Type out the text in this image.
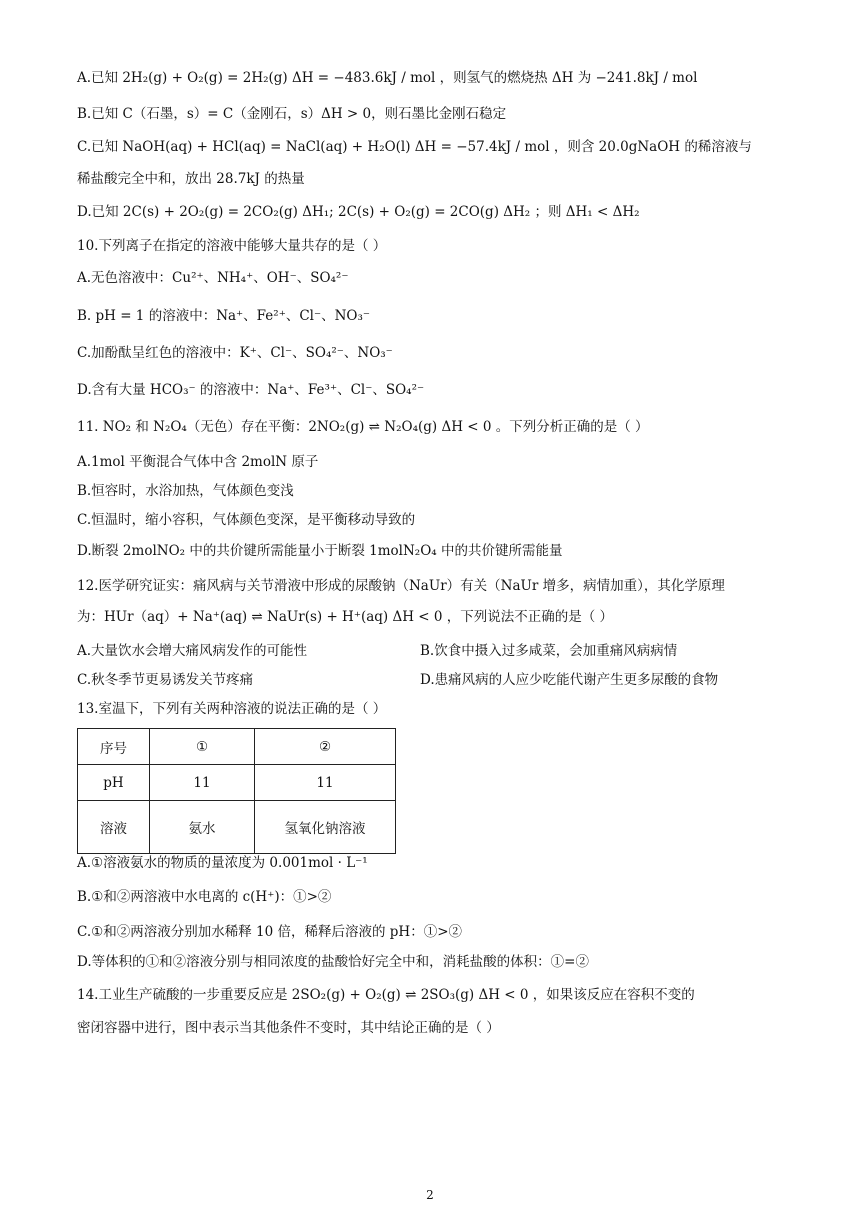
A.已知 2H₂(g) + O₂(g) = 2H₂(g) ΔH = −483.6kJ / mol ，则氢气的燃烧热 ΔH 为 −241.8kJ / mol
B.已知 C（石墨，s）= C（金刚石，s）ΔH > 0，则石墨比金刚石稳定
C.已知 NaOH(aq) + HCl(aq) = NaCl(aq) + H₂O(l) ΔH = −57.4kJ / mol ，则含 20.0gNaOH 的稀溶液与
稀盐酸完全中和，放出 28.7kJ 的热量
D.已知 2C(s) + 2O₂(g) = 2CO₂(g) ΔH₁; 2C(s) + O₂(g) = 2CO(g) ΔH₂ ；则 ΔH₁ < ΔH₂
10.下列离子在指定的溶液中能够大量共存的是（ ）
A.无色溶液中：Cu²⁺、NH₄⁺、OH⁻、SO₄²⁻
B. pH = 1 的溶液中：Na⁺、Fe²⁺、Cl⁻、NO₃⁻
C.加酚酞呈红色的溶液中：K⁺、Cl⁻、SO₄²⁻、NO₃⁻
D.含有大量 HCO₃⁻ 的溶液中：Na⁺、Fe³⁺、Cl⁻、SO₄²⁻
11. NO₂ 和 N₂O₄（无色）存在平衡：2NO₂(g) ⇌ N₂O₄(g) ΔH < 0 。下列分析正确的是（ ）
A.1mol 平衡混合气体中含 2molN 原子
B.恒容时，水浴加热，气体颜色变浅
C.恒温时，缩小容积，气体颜色变深，是平衡移动导致的
D.断裂 2molNO₂ 中的共价键所需能量小于断裂 1molN₂O₄ 中的共价键所需能量
12.医学研究证实：痛风病与关节滑液中形成的尿酸钠（NaUr）有关（NaUr 增多，病情加重），其化学原理
为：HUr（aq）+ Na⁺(aq) ⇌ NaUr(s) + H⁺(aq) ΔH < 0 ，下列说法不正确的是（ ）
A.大量饮水会增大痛风病发作的可能性	B.饮食中摄入过多咸菜，会加重痛风病病情
C.秋冬季节更易诱发关节疼痛	D.患痛风病的人应少吃能代谢产生更多尿酸的食物
13.室温下，下列有关两种溶液的说法正确的是（ ）
序号	①	②
pH	11	11
溶液	氨水	氢氧化钠溶液
A.①溶液氨水的物质的量浓度为 0.001mol · L⁻¹
B.①和②两溶液中水电离的 c(H⁺)：①>②
C.①和②两溶液分别加水稀释 10 倍，稀释后溶液的 pH：①>②
D.等体积的①和②溶液分别与相同浓度的盐酸恰好完全中和，消耗盐酸的体积：①=②
14.工业生产硫酸的一步重要反应是 2SO₂(g) + O₂(g) ⇌ 2SO₃(g) ΔH < 0 ，如果该反应在容积不变的
密闭容器中进行，图中表示当其他条件不变时，其中结论正确的是（ ）
2
